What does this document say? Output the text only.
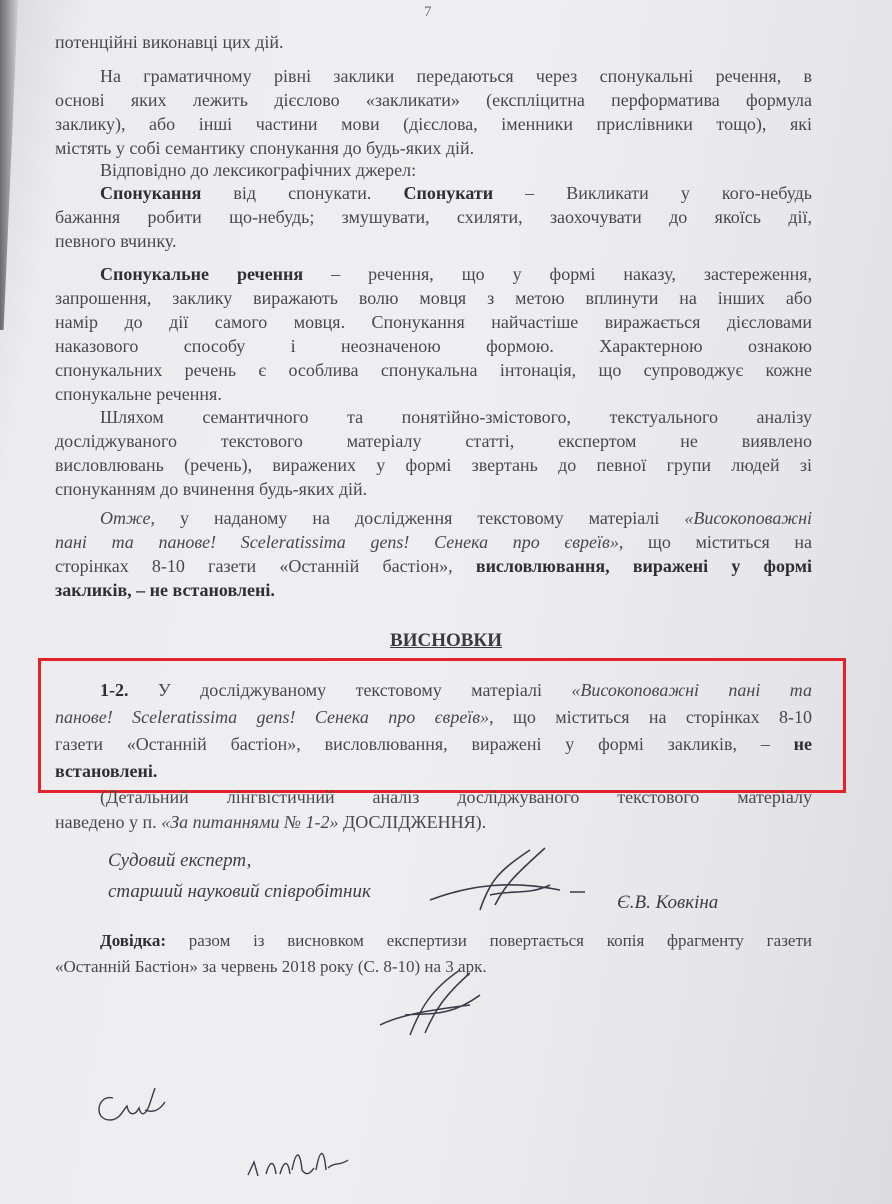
7
потенційні виконавці цих дій.
На граматичному рівні заклики передаються через спонукальні речення, в
основі яких лежить дієслово «закликати» (експліцитна перформатива формула
заклику), або інші частини мови (дієслова, іменники прислівники тощо), які
містять у собі семантику спонукання до будь-яких дій.
Відповідно до лексикографічних джерел:
Спонукання від спонукати. Спонукати – Викликати у кого-небудь
бажання робити що-небудь; змушувати, схиляти, заохочувати до якоїсь дії,
певного вчинку.
Спонукальне речення – речення, що у формі наказу, застереження,
запрошення, заклику виражають волю мовця з метою вплинути на інших або
намір до дії самого мовця. Спонукання найчастіше виражається дієсловами
наказового способу і неозначеною формою. Характерною ознакою
спонукальних речень є особлива спонукальна інтонація, що супроводжує кожне
спонукальне речення.
Шляхом семантичного та понятійно-змістового, текстуального аналізу
досліджуваного текстового матеріалу статті, експертом не виявлено
висловлювань (речень), виражених у формі звертань до певної групи людей зі
спонуканням до вчинення будь-яких дій.
Отже, у наданому на дослідження текстовому матеріалі «Високоповажні
пані та панове! Sceleratissima gens! Сенека про євреїв», що міститься на
сторінках 8-10 газети «Останній бастіон», висловлювання, виражені у формі
закликів, – не встановлені.
ВИСНОВКИ
1-2. У досліджуваному текстовому матеріалі «Високоповажні пані та
панове! Sceleratissima gens! Сенека про євреїв», що міститься на сторінках 8-10
газети «Останній бастіон», висловлювання, виражені у формі закликів, – не
встановлені.
(Детальний лінгвістичний аналіз досліджуваного текстового матеріалу
наведено у п. «За питаннями № 1-2» ДОСЛІДЖЕННЯ).
Судовий експерт,
старший науковий співробітник
Є.В. Ковкіна
Довідка: разом із висновком експертизи повертається копія фрагменту газети
«Останній Бастіон» за червень 2018 року (С. 8-10) на 3 арк.
